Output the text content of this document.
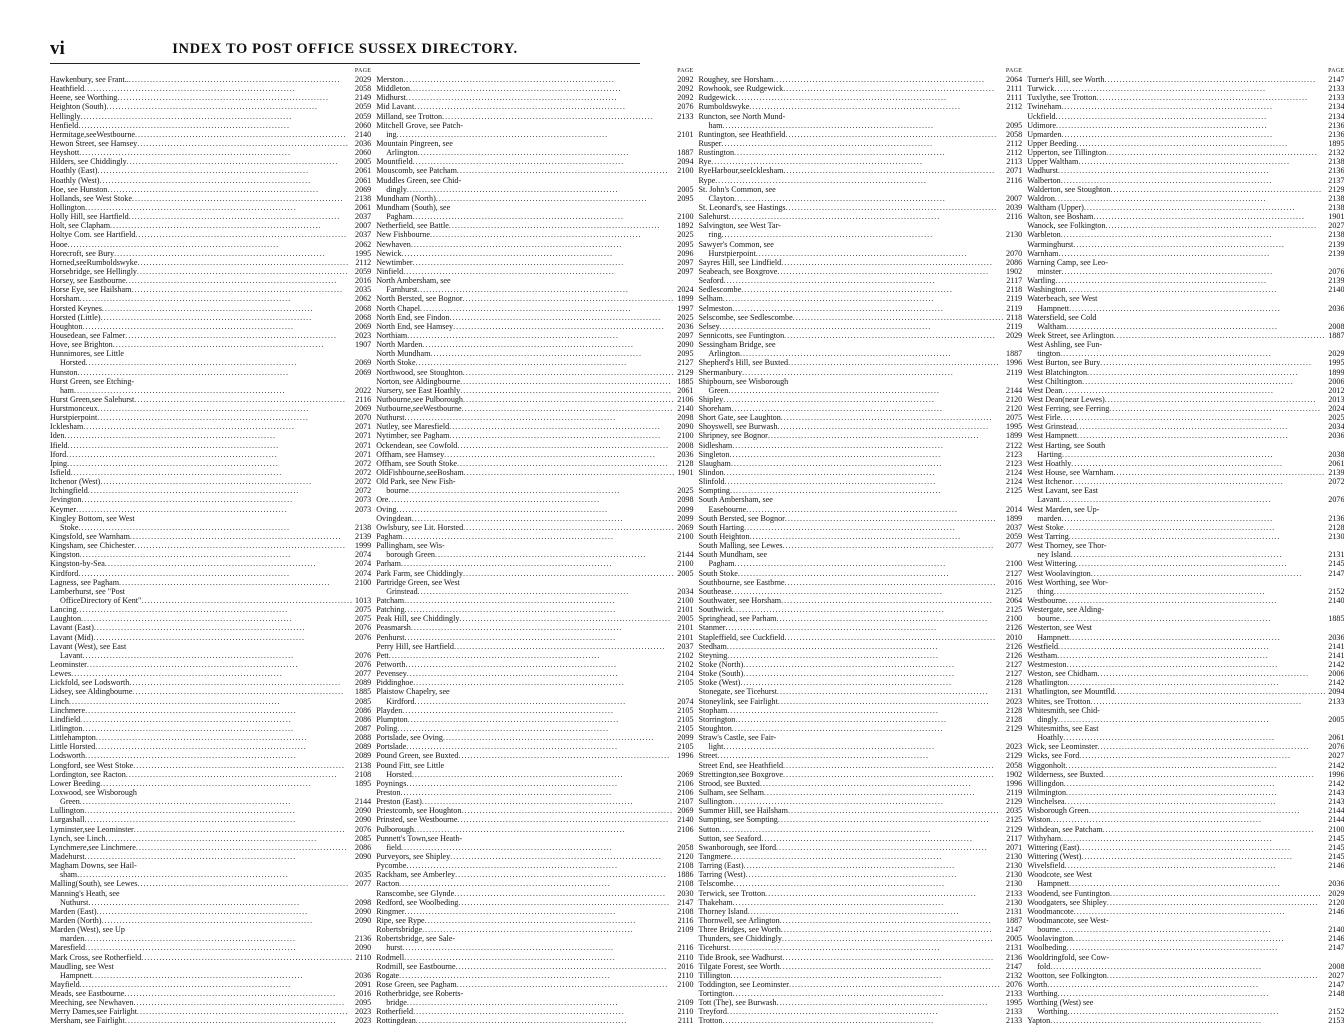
vi	INDEX TO POST OFFICE SUSSEX DIRECTORY.
PAGE
Hawkenbury, see Frant.. .....	2029
Heathfield .....	2058
Heene, see Worthing .....	2149
Heighton (South) .....	2059
Hellingly .....	2059
Henfield .....	2060
Hermitage,seeWestbourne .....	2140
Hewon Street, see Hamsey .....	2036
Heyshott .....	2060
Hilders, see Chiddingly .....	2005
Hoathly (East) .....	2061
Hoathly (West) .....	2061
Hoe, see Hunston .....	2069
Hollands, see West Stoke .....	2138
Hollington .....	2061
Holly Hill, see Hartfield .....	2037
Holt, see Clapham .....	2007
Holtye Com. see Hartfield .....	2037
Hooe .....	2062
Horecroft, see Bury .....	1995
Horned,seeRumboldswyke .....	2112
Horsebridge, see Hellingly .....	2059
Horsey, see Eastbourne .....	2016
Horse Eye, see Hailsham .....	2035
Horsham .....	2062
Horsted Keynes .....	2068
Horsted (Little) .....	2068
Houghton .....	2069
Housedean, see Falmer .....	2023
Hove, see Brighton .....	1907
Hunnimores, see Little
Horsted .....	2069
Hunston .....	2069
Hurst Green, see Etching-
ham .....	2022
Hurst Green,see Salehurst .....	2116
Hurstmonceux .....	2069
Hurstpierpoint .....	2070
Icklesham .....	2071
Iden .....	2071
Ifield .....	2071
Iford .....	2071
Iping .....	2072
Isfield .....	2072
Itchenor (West) .....	2072
Itchingfield .....	2072
Jevington .....	2073
Keymer .....	2073
Kingley Bottom, see West
Stoke .....	2138
Kingsfold, see Warnham .....	2139
Kingsham, see Chichester .....	1999
Kingston .....	2074
Kingston-by-Sea .....	2074
Kirdford .....	2074
Lagness, see Pagham .....	2100
Lamberhurst, see "Post
OfficeDirectory of Kent" .....	1013
Lancing .....	2075
Laughton .....	2075
Lavant (East) .....	2076
Lavant (Mid) .....	2076
Lavant (West), see East
Lavant .....	2076
Leominster .....	2076
Lewes .....	2077
Lickfold, see Lodsworth .....	2089
Lidsey, see Aldingbourne .....	1885
Linch .....	2085
Linchmere .....	2086
Lindfield .....	2086
Litlington .....	2087
Littlehampton .....	2088
Little Horsted .....	2089
Lodsworth .....	2089
Longford, see West Stoke .....	2138
Lordington, see Racton .....	2108
Lower Beeding .....	1895
Loxwood, see Wisborough
Green .....	2144
Lullington .....	2090
Lurgashall .....	2090
Lyminster,see Leominster .....	2076
Lynch, see Linch .....	2085
Lynchmere,see Linchmere .....	2086
Madehurst .....	2090
Magham Downs, see Hail-
sham .....	2035
Malling(South), see Lewes .....	2077
Manning's Heath, see
Nuthurst .....	2098
Marden (East) .....	2090
Marden (North) .....	2090
Marden (West), see Up
marden .....	2136
Maresfield .....	2090
Mark Cross, see Rotherfield .....	2110
Maudling, see West
Hampnett .....	2036
Mayfield .....	2091
Meads, see Eastbourne .....	2016
Meeching, see Newhaven .....	2095
Merry Dames,see Fairlight .....	2023
Mersham, see Fairlight .....	2023
PAGE
Merston .....	2092
Middleton .....	2092
Midhurst .....	2092
Mid Lavant .....	2076
Milland, see Trotton .....	2133
Mitchell Grove, see Patch-
ing .....	2101
Mountain Pingreen, see
Arlington .....	1887
Mountfield .....	2094
Mouscomb, see Patcham .....	2100
Muddles Green, see Chid-
dingly .....	2005
Mundham (North) .....	2095
Mundham (South), see
Pagham .....	2100
Netherfield, see Battle .....	1892
New Fishbourne .....	2025
Newhaven .....	2095
Newick .....	2096
Newtimber .....	2097
Ninfield .....	2097
North Ambersham, see
Farnhurst .....	2024
North Bersted, see Bognor .....	1899
North Chapel .....	1997
North End, see Findon .....	2025
North End, see Hamsey .....	2036
Northiam .....	2097
North Marden .....	2090
North Mundham .....	2095
North Stoke .....	2127
Northwood, see Stoughton .....	2129
Norton, see Aldingbourne .....	1885
Nursery, see East Hoathly .....	2061
Nutbourne,see Pulborough .....	2106
Nutbourne,seeWestbourne .....	2140
Nuthurst .....	2098
Nutley, see Maresfield .....	2090
Nytimber, see Pagham .....	2100
Ockendean, see Cowfold .....	2008
Offham, see Hamsey .....	2036
Offham, see South Stoke .....	2128
OldFishbourne,seeBosham .....	1901
Old Park, see New Fish-
bourne .....	2025
Ore .....	2098
Oving .....	2099
Ovingdean .....	2099
Owlsbury, see Lit. Horsted .....	2069
Pagham .....	2100
Pallingham, see Wis-
borough Green .....	2144
Parham .....	2100
Park Farm, see Chiddingly .....	2005
Partridge Green, see West
Grinstead .....	2034
Patcham .....	2100
Patching .....	2101
Peak Hill, see Chiddingly .....	2005
Peasmarsh .....	2101
Penhurst .....	2101
Perry Hill, see Hartfield .....	2037
Pett .....	2102
Petworth .....	2102
Pevensey .....	2104
Piddinghoe .....	2105
Plaistow Chapelry, see
Kirdford .....	2074
Playden .....	2105
Plumpton .....	2105
Poling .....	2105
Portslade, see Oving .....	2099
Portslade .....	2105
Pound Green, see Buxted .....	1996
Pound Fitt, see Little
Horsted .....	2069
Poynings .....	2106
Preston .....	2106
Preston (East) .....	2107
Priestcomb, see Houghton .....	2069
Prinsted, see Westbourne .....	2140
Pulborough .....	2106
Punnett's Town,see Heath-
field .....	2058
Purveyors, see Shipley .....	2120
Pycombe .....	2108
Rackham, see Amberley .....	1886
Racton .....	2108
Ranscombe, see Glynde .....	2030
Redford, see Woolbeding .....	2147
Ringmer .....	2108
Ripe, see Rype .....	2116
Robertsbridge .....	2109
Robertsbridge, see Sale-
hurst .....	2116
Rodmell .....	2110
Rodmill, see Eastbourne .....	2016
Rogate .....	2110
Rose Green, see Pagham .....	2100
Rotherbridge, see Roberts-
bridge .....	2109
Rotherfield .....	2110
Rottingdean .....	2111
PAGE
Roughey, see Horsham .....	2064
Rowhook, see Rudgewick .....	2111
Rudgewick .....	2111
Rumboldswyke .....	2112
Runcton, see North Mund-
ham .....	2095
Runtington, see Heathfield .....	2058
Rusper .....	2112
Rustington .....	2112
Rye .....	2113
RyeHarbour,seeIcklesham .....	2071
Rype .....	2116
St. John's Common, see
Clayton .....	2007
St. Leonard's, see Hastings .....	2039
Salehurst .....	2116
Salvington, see West Tar-
ring .....	2130
Sawyer's Common, see
Hurstpierpoint .....	2070
Sayres Hill, see Lindfield .....	2086
Seabeach, see Boxgrove .....	1902
Seaford .....	2117
Sedlescombe .....	2118
Selham .....	2119
Selmeston .....	2119
Selscombe, see Sedlescombe .....	2118
Selsey .....	2119
Sennicotts, see Funtington .....	2029
Sessingham Bridge, see
Arlington .....	1887
Shepherd's Hill, see Buxted .....	1996
Shermanbury .....	2119
Shipbourn, see Wisborough
Green .....	2144
Shipley .....	2120
Shoreham .....	2120
Short Gate, see Laughton .....	2075
Shoyswell, see Burwash .....	1995
Shripney, see Bognor .....	1899
Sidlesham .....	2122
Singleton .....	2123
Slaugham .....	2123
Slindon .....	2124
Slinfold .....	2124
Sompting .....	2125
South Ambersham, see
Easebourne .....	2014
South Bersted, see Bognor .....	1899
South Harting .....	2037
South Heighton .....	2059
South Malling, see Lewes .....	2077
South Mundham, see
Pagham .....	2100
South Stoke .....	2127
Southbourne, see Eastbrne .....	2016
Southease .....	2125
Southwater, see Horsham .....	2064
Southwick .....	2125
Springhead, see Parham .....	2100
Stanmer .....	2126
Stapleffield, see Cuckfield .....	2010
Stedham .....	2126
Steyning .....	2126
Stoke (North) .....	2127
Stoke (South) .....	2127
Stoke (West) .....	2128
Stonegate, see Ticehurst .....	2131
Stoneylink, see Fairlight .....	2023
Stopham .....	2128
Storrington .....	2128
Stoughton .....	2129
Straw's Castle, see Fair-
light .....	2023
Street .....	2129
Street End, see Heathfield .....	2058
Strettington,see Boxgrove .....	1902
Strood, see Buxted .....	1996
Sulham, see Selham .....	2119
Sullington .....	2129
Summer Hill, see Hailsham .....	2035
Sumpting, see Sompting .....	2125
Sutton .....	2129
Sutton, see Seaford .....	2117
Swanborough, see Iford .....	2071
Tangmere .....	2130
Tarring (East) .....	2130
Tarring (West) .....	2130
Telscombe .....	2130
Terwick, see Trotton .....	2133
Thakeham .....	2130
Thorney Island .....	2131
Thornwell, see Arlington .....	1887
Three Bridges, see Worth .....	2147
Thunders, see Chiddingly .....	2005
Ticehurst .....	2131
Tide Brook, see Wadhurst .....	2136
Tilgate Forest, see Worth .....	2147
Tillington .....	2132
Toddington, see Leominster .....	2076
Tortington .....	2133
Tott (The), see Burwash .....	1995
Treyford .....	2133
Trotton .....	2133
PAGE
Turner's Hill, see Worth .....	2147
Turwick .....	2133
Tuxlythe, see Trotton .....	2133
Twineham .....	2134
Uckfield .....	2134
Udimore .....	2136
Upmarden .....	2136
Upper Beeding .....	1895
Upperton, see Tillington .....	2132
Upper Waltham .....	2138
Wadhurst .....	2136
Walberton .....	2137
Walderton, see Stoughton .....	2129
Waldron .....	2138
Waltham (Upper) .....	2138
Walton, see Bosham .....	1901
Wanock, see Folkington .....	2027
Warbleton .....	2138
Warminghurst .....	2139
Warnham .....	2139
Warning Camp, see Leo-
minster .....	2076
Wartling .....	2139
Washington .....	2140
Waterbeach, see West
Hampnett .....	2036
Watersfield, see Cold
Waltham .....	2008
Week Street, see Arlington .....	1887
West Ashling, see Fun-
tington .....	2029
West Burton, see Bury .....	1995
West Blatchington .....	1899
West Chiltington .....	2006
West Dean .....	2012
West Dean(near Lewes) .....	2013
West Ferring, see Ferring .....	2024
West Firle .....	2025
West Grinstead .....	2034
West Hampnett .....	2036
West Harting, see South
Harting .....	2038
West Hoathly .....	2061
West House, see Warnham .....	2139
West Itchenor .....	2072
West Lavant, see East
Lavant .....	2076
West Marden, see Up-
marden .....	2136
West Stoke .....	2128
West Tarring .....	2130
West Thorney, see Thor-
ney Island .....	2131
West Wittering .....	2145
West Woolavington .....	2147
West Worthing, see Wor-
thing .....	2152
Westbourne .....	2140
Westergate, see Alding-
bourne .....	1885
Westerton, see West
Hampnett .....	2036
Westfield .....	2141
Westham .....	2141
Westmeston .....	2142
Weston, see Chidham .....	2006
Whatlington .....	2142
Whatlington, see Mountfld .....	2094
Whites, see Trotton .....	2133
Whitesmith, see Chid-
dingly .....	2005
Whitesmiths, see East
Hoathly .....	2061
Wick, see Leominster .....	2076
Wicks, see Ford .....	2027
Wiggonholt .....	2142
Wilderness, see Buxted .....	1996
Willingdon .....	2142
Wilmington .....	2143
Winchelsea .....	2143
Wisborough Green .....	2144
Wiston .....	2144
Withdean, see Patcham .....	2100
Withyham .....	2145
Wittering (East) .....	2145
Wittering (West) .....	2145
Wivelsfield .....	2146
Woodcote, see West
Hampnett .....	2036
Woodend, see Funtington .....	2029
Woodgaters, see Shipley .....	2120
Woodmancote .....	2146
Woodmancote, see West-
bourne .....	2140
Woolavington .....	2146
Woolbeding .....	2147
Wooldringfold, see Cow-
fold .....	2008
Wootton, see Folkington .....	2027
Worth .....	2147
Worthing .....	2148
Worthing (West) see
Worthing .....	2152
Yapton .....	2153
